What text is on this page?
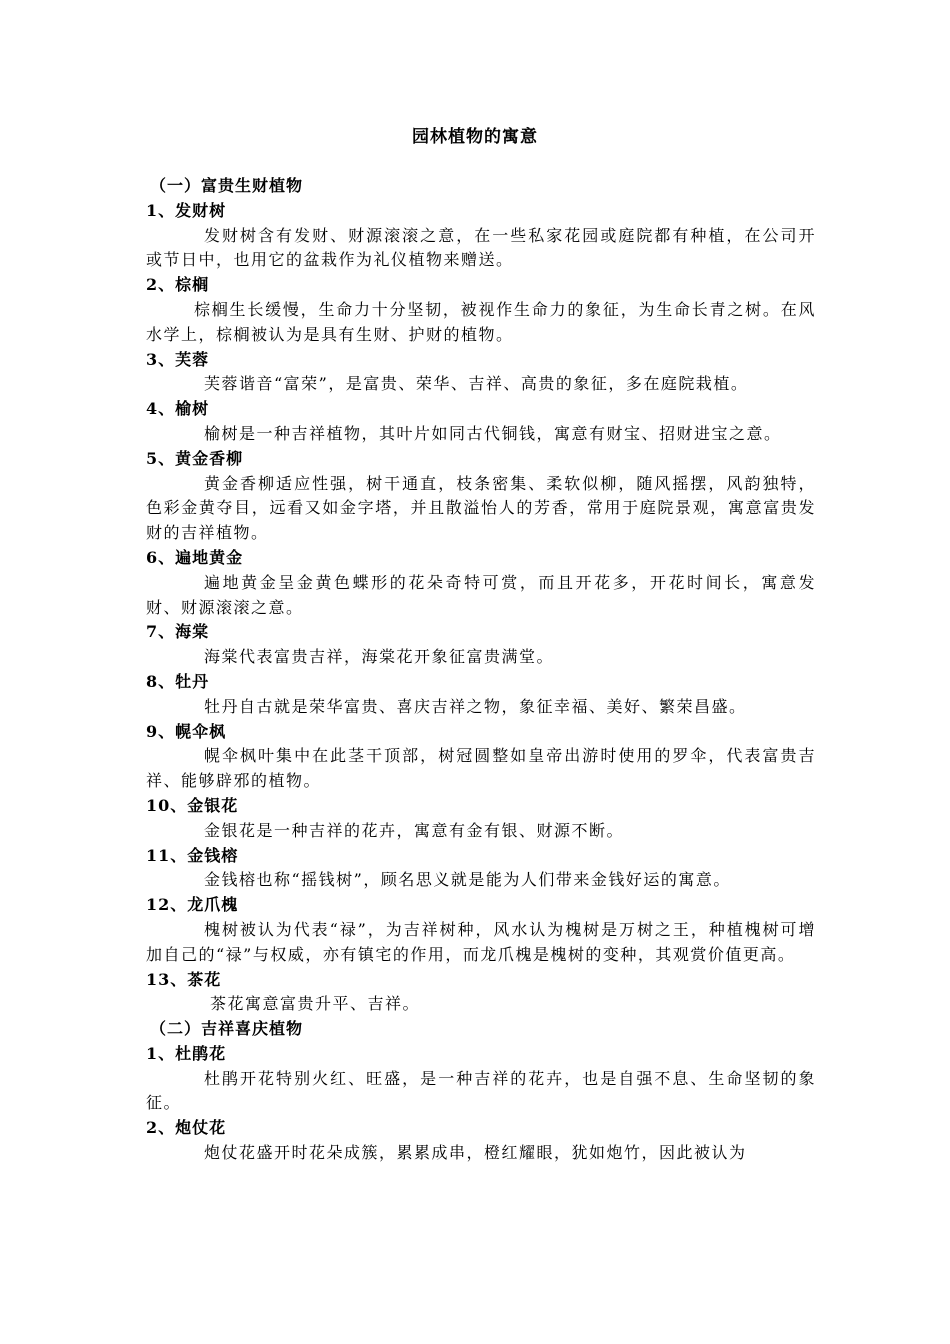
园林植物的寓意
（一）富贵生财植物
1、发财树
发财树含有发财、财源滚滚之意，在一些私家花园或庭院都有种植，在公司开或节日中，也用它的盆栽作为礼仪植物来赠送。
2、棕榈
棕榈生长缓慢，生命力十分坚韧，被视作生命力的象征，为生命长青之树。在风水学上，棕榈被认为是具有生财、护财的植物。
3、芙蓉
芙蓉谐音“富荣”，是富贵、荣华、吉祥、高贵的象征，多在庭院栽植。
4、榆树
榆树是一种吉祥植物，其叶片如同古代铜钱，寓意有财宝、招财进宝之意。
5、黄金香柳
黄金香柳适应性强，树干通直，枝条密集、柔软似柳，随风摇摆，风韵独特，色彩金黄夺目，远看又如金字塔，并且散溢怡人的芳香，常用于庭院景观，寓意富贵发财的吉祥植物。
6、遍地黄金
遍地黄金呈金黄色蝶形的花朵奇特可赏，而且开花多，开花时间长，寓意发财、财源滚滚之意。
7、海棠
海棠代表富贵吉祥，海棠花开象征富贵满堂。
8、牡丹
牡丹自古就是荣华富贵、喜庆吉祥之物，象征幸福、美好、繁荣昌盛。
9、幌伞枫
幌伞枫叶集中在此茎干顶部，树冠圆整如皇帝出游时使用的罗伞，代表富贵吉祥、能够辟邪的植物。
10、金银花
金银花是一种吉祥的花卉，寓意有金有银、财源不断。
11、金钱榕
金钱榕也称“摇钱树”，顾名思义就是能为人们带来金钱好运的寓意。
12、龙爪槐
槐树被认为代表“禄”，为吉祥树种，风水认为槐树是万树之王，种植槐树可增加自己的“禄”与权威，亦有镇宅的作用，而龙爪槐是槐树的变种，其观赏价值更高。
13、茶花
茶花寓意富贵升平、吉祥。
（二）吉祥喜庆植物
1、杜鹃花
杜鹃开花特别火红、旺盛，是一种吉祥的花卉，也是自强不息、生命坚韧的象征。
2、炮仗花
炮仗花盛开时花朵成簇，累累成串，橙红耀眼，犹如炮竹，因此被认为
